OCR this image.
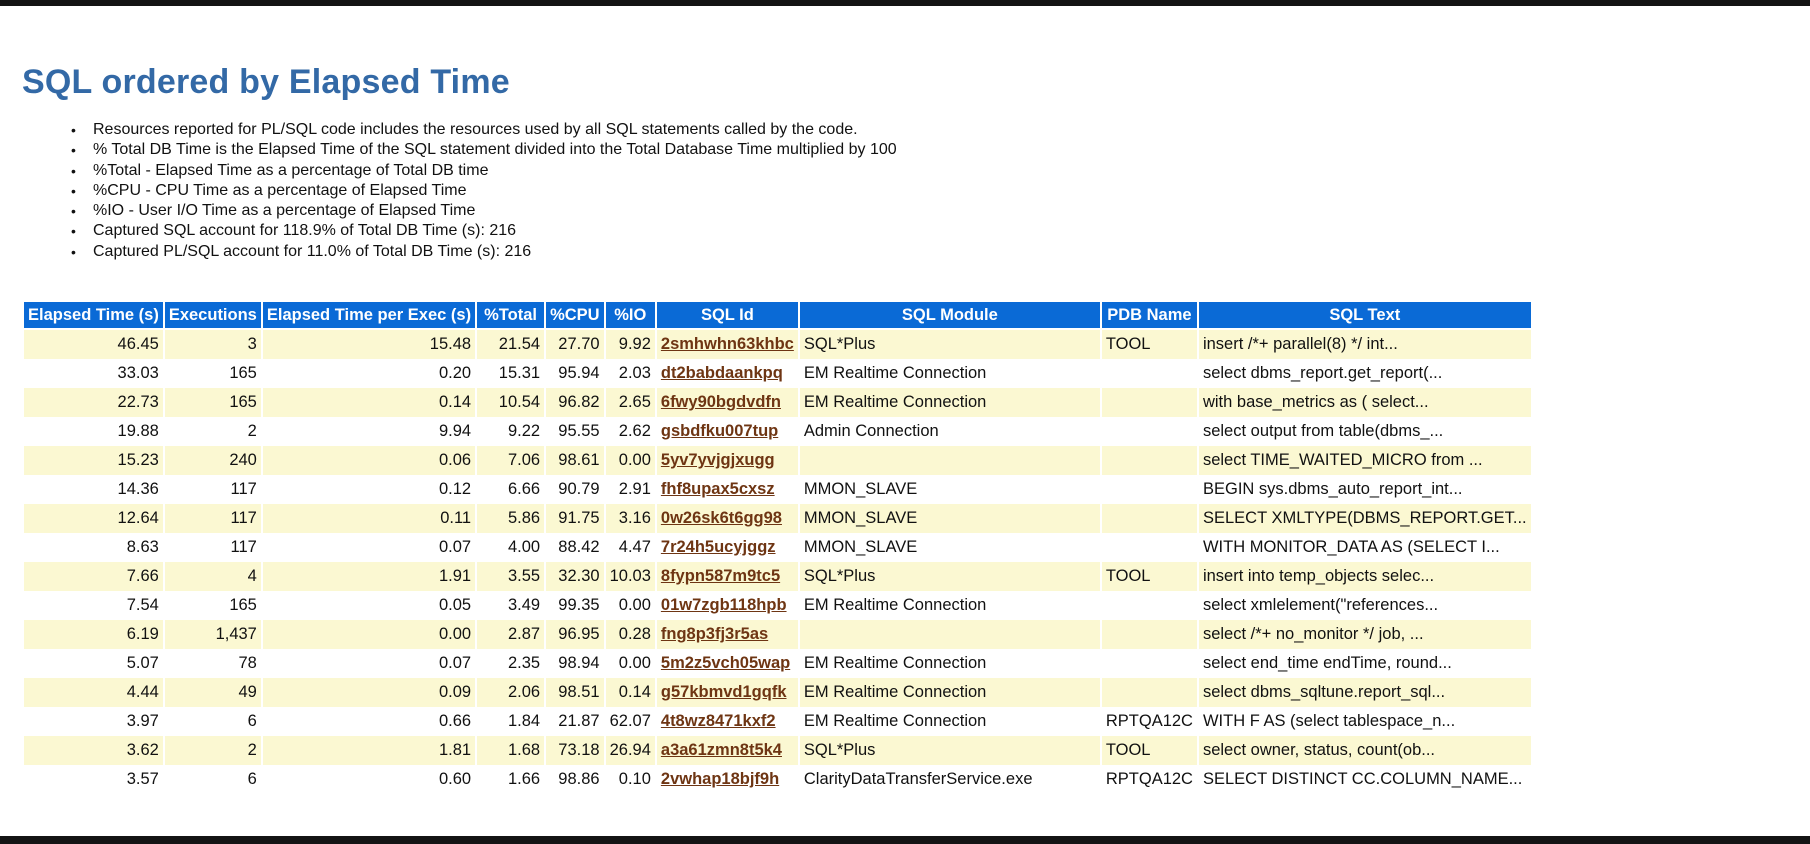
SQL ordered by Elapsed Time
• Resources reported for PL/SQL code includes the resources used by all SQL statements called by the code.
• % Total DB Time is the Elapsed Time of the SQL statement divided into the Total Database Time multiplied by 100
• %Total - Elapsed Time as a percentage of Total DB time
• %CPU - CPU Time as a percentage of Elapsed Time
• %IO - User I/O Time as a percentage of Elapsed Time
• Captured SQL account for 118.9% of Total DB Time (s): 216
• Captured PL/SQL account for 11.0% of Total DB Time (s): 216
Elapsed Time (s)	Executions	Elapsed Time per Exec (s)	%Total	%CPU	%IO	SQL Id	SQL Module	PDB Name	SQL Text
46.45	3	15.48	21.54	27.70	9.92	2smhwhn63khbc	SQL*Plus	TOOL	insert /*+ parallel(8) */ int...
33.03	165	0.20	15.31	95.94	2.03	dt2babdaankpq	EM Realtime Connection		select dbms_report.get_report(...
22.73	165	0.14	10.54	96.82	2.65	6fwy90bgdvdfn	EM Realtime Connection		with base_metrics as ( select...
19.88	2	9.94	9.22	95.55	2.62	gsbdfku007tup	Admin Connection		select output from table(dbms_...
15.23	240	0.06	7.06	98.61	0.00	5yv7yvjgjxugg			select TIME_WAITED_MICRO from ...
14.36	117	0.12	6.66	90.79	2.91	fhf8upax5cxsz	MMON_SLAVE		BEGIN sys.dbms_auto_report_int...
12.64	117	0.11	5.86	91.75	3.16	0w26sk6t6gg98	MMON_SLAVE		SELECT XMLTYPE(DBMS_REPORT.GET...
8.63	117	0.07	4.00	88.42	4.47	7r24h5ucyjggz	MMON_SLAVE		WITH MONITOR_DATA AS (SELECT I...
7.66	4	1.91	3.55	32.30	10.03	8fypn587m9tc5	SQL*Plus	TOOL	insert into temp_objects selec...
7.54	165	0.05	3.49	99.35	0.00	01w7zgb118hpb	EM Realtime Connection		select xmlelement("references...
6.19	1,437	0.00	2.87	96.95	0.28	fng8p3fj3r5as			select /*+ no_monitor */ job, ...
5.07	78	0.07	2.35	98.94	0.00	5m2z5vch05wap	EM Realtime Connection		select end_time endTime, round...
4.44	49	0.09	2.06	98.51	0.14	g57kbmvd1gqfk	EM Realtime Connection		select dbms_sqltune.report_sql...
3.97	6	0.66	1.84	21.87	62.07	4t8wz8471kxf2	EM Realtime Connection	RPTQA12C	WITH F AS (select tablespace_n...
3.62	2	1.81	1.68	73.18	26.94	a3a61zmn8t5k4	SQL*Plus	TOOL	select owner, status, count(ob...
3.57	6	0.60	1.66	98.86	0.10	2vwhap18bjf9h	ClarityDataTransferService.exe	RPTQA12C	SELECT DISTINCT CC.COLUMN_NAME...
